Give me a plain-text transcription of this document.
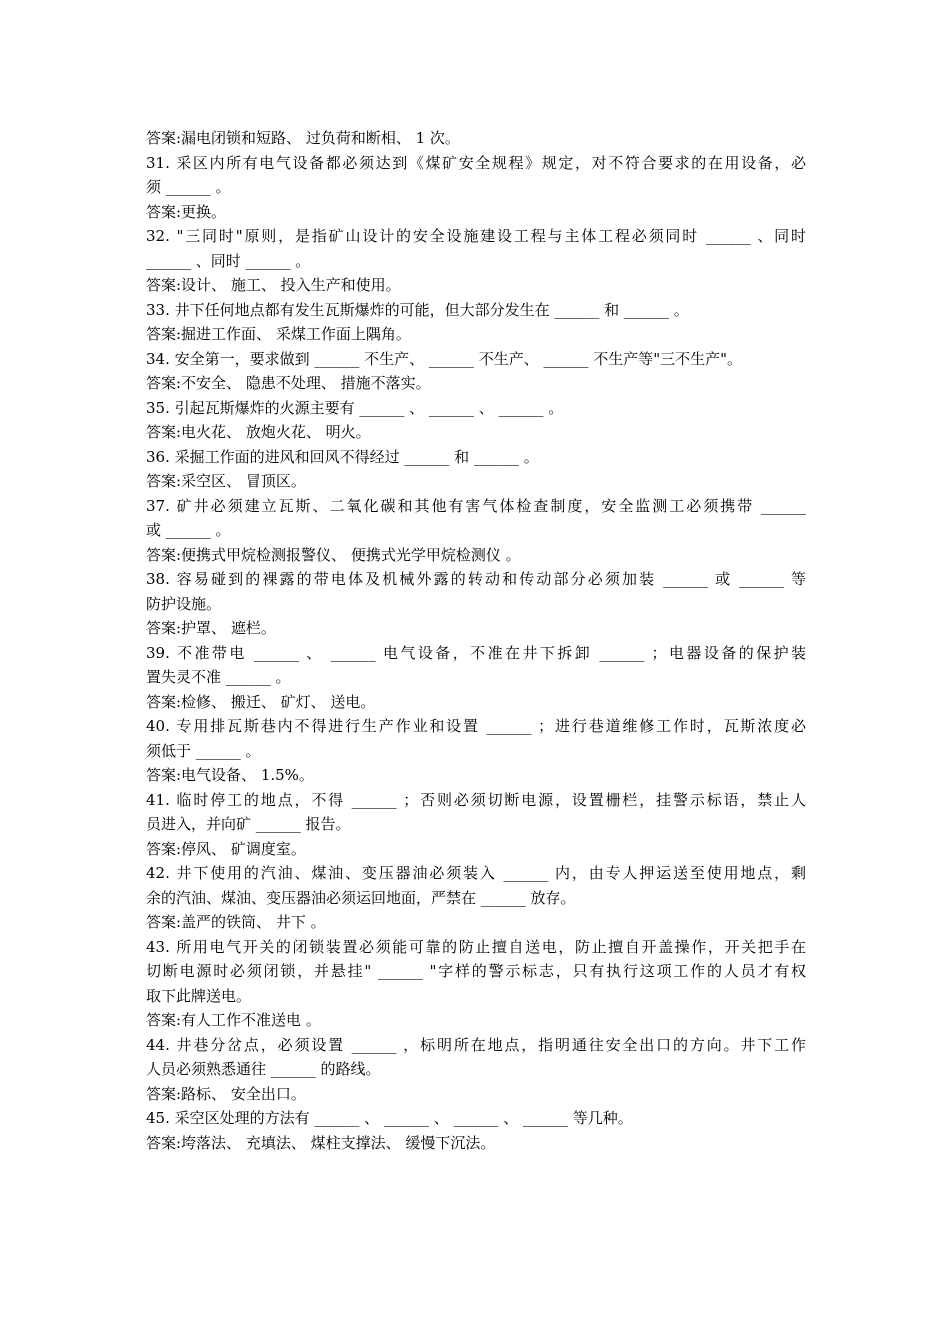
答案:漏电闭锁和短路、 过负荷和断相、 1 次。

31. 采区内所有电气设备都必须达到《煤矿安全规程》规定，对不符合要求的在用设备，必

须 ______ 。

答案:更换。

32. "三同时"原则，是指矿山设计的安全设施建设工程与主体工程必须同时 ______ 、同时

______ 、同时 ______ 。

答案:设计、 施工、 投入生产和使用。

33. 井下任何地点都有发生瓦斯爆炸的可能，但大部分发生在 ______ 和 ______ 。

答案:掘进工作面、 采煤工作面上隅角。

34. 安全第一，要求做到 ______ 不生产、 ______ 不生产、 ______ 不生产等"三不生产"。

答案:不安全、 隐患不处理、 措施不落实。

35. 引起瓦斯爆炸的火源主要有 ______ 、 ______ 、 ______ 。

答案:电火花、 放炮火花、 明火。

36. 采掘工作面的进风和回风不得经过 ______ 和 ______ 。

答案:采空区、 冒顶区。

37. 矿井必须建立瓦斯、二氧化碳和其他有害气体检查制度，安全监测工必须携带 ______

或 ______ 。

答案:便携式甲烷检测报警仪、 便携式光学甲烷检测仪 。

38. 容易碰到的裸露的带电体及机械外露的转动和传动部分必须加装 ______ 或 ______ 等

防护设施。

答案:护罩、 遮栏。

39. 不准带电 ______ 、 ______ 电气设备，不准在井下拆卸 ______ ；电器设备的保护装

置失灵不准 ______ 。

答案:检修、 搬迁、 矿灯、 送电。

40. 专用排瓦斯巷内不得进行生产作业和设置 ______ ；进行巷道维修工作时，瓦斯浓度必

须低于 ______ 。

答案:电气设备、 1.5%。

41. 临时停工的地点，不得 ______ ；否则必须切断电源，设置栅栏，挂警示标语，禁止人

员进入，并向矿 ______ 报告。

答案:停风、 矿调度室。

42. 井下使用的汽油、煤油、变压器油必须装入 ______ 内，由专人押运送至使用地点，剩

余的汽油、煤油、变压器油必须运回地面，严禁在 ______ 放存。

答案:盖严的铁筒、 井下 。

43. 所用电气开关的闭锁装置必须能可靠的防止擅自送电，防止擅自开盖操作，开关把手在

切断电源时必须闭锁，并悬挂" ______ "字样的警示标志，只有执行这项工作的人员才有权

取下此牌送电。

答案:有人工作不准送电 。

44. 井巷分岔点，必须设置 ______ ，标明所在地点，指明通往安全出口的方向。井下工作

人员必须熟悉通往 ______ 的路线。

答案:路标、 安全出口。

45. 采空区处理的方法有 ______ 、 ______ 、 ______ 、 ______ 等几种。

答案:垮落法、 充填法、 煤柱支撑法、 缓慢下沉法。
